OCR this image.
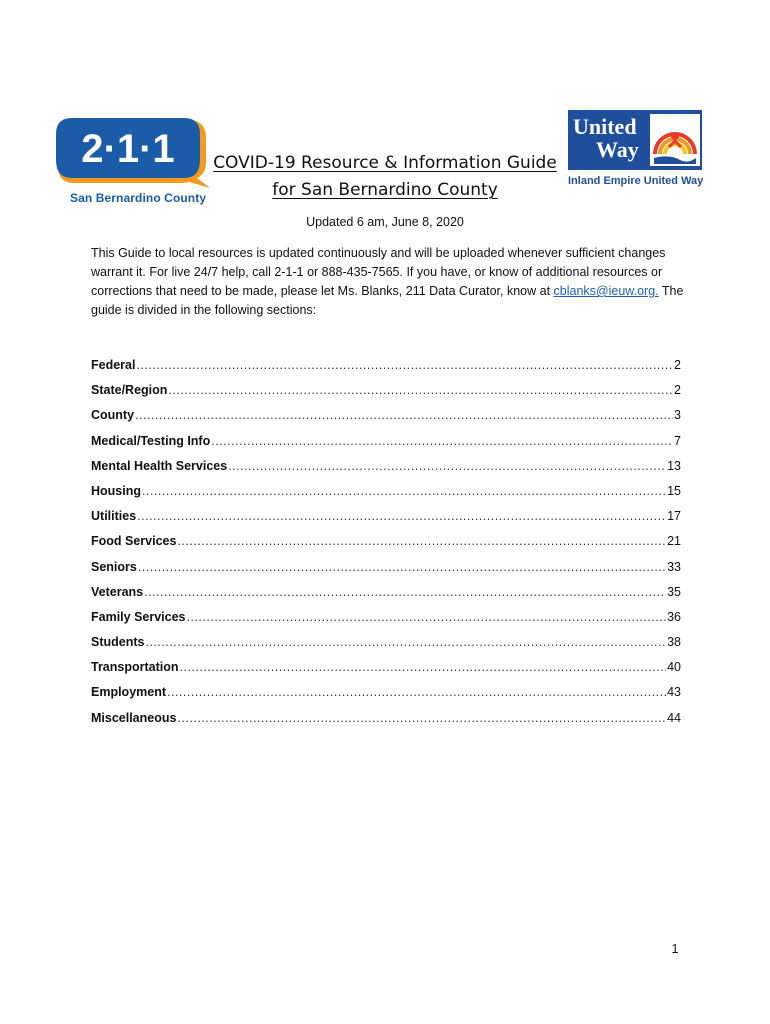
2·1·1
San Bernardino County
United
Way
Inland Empire United Way
COVID-19 Resource & Information Guide
for San Bernardino County
Updated 6 am, June 8, 2020
This Guide to local resources is updated continuously and will be uploaded whenever sufficient changes warrant it. For live 24/7 help, call 2-1-1 or 888-435-7565. If you have, or know of additional resources or corrections that need to be made, please let Ms. Blanks, 211 Data Curator, know at cblanks@ieuw.org. The guide is divided in the following sections:
Federal .....	2
State/Region .....	2
County .....	3
Medical/Testing Info .....	7
Mental Health Services .....	13
Housing .....	15
Utilities .....	17
Food Services .....	21
Seniors .....	33
Veterans .....	35
Family Services .....	36
Students .....	38
Transportation .....	40
Employment .....	43
Miscellaneous .....	44
1
